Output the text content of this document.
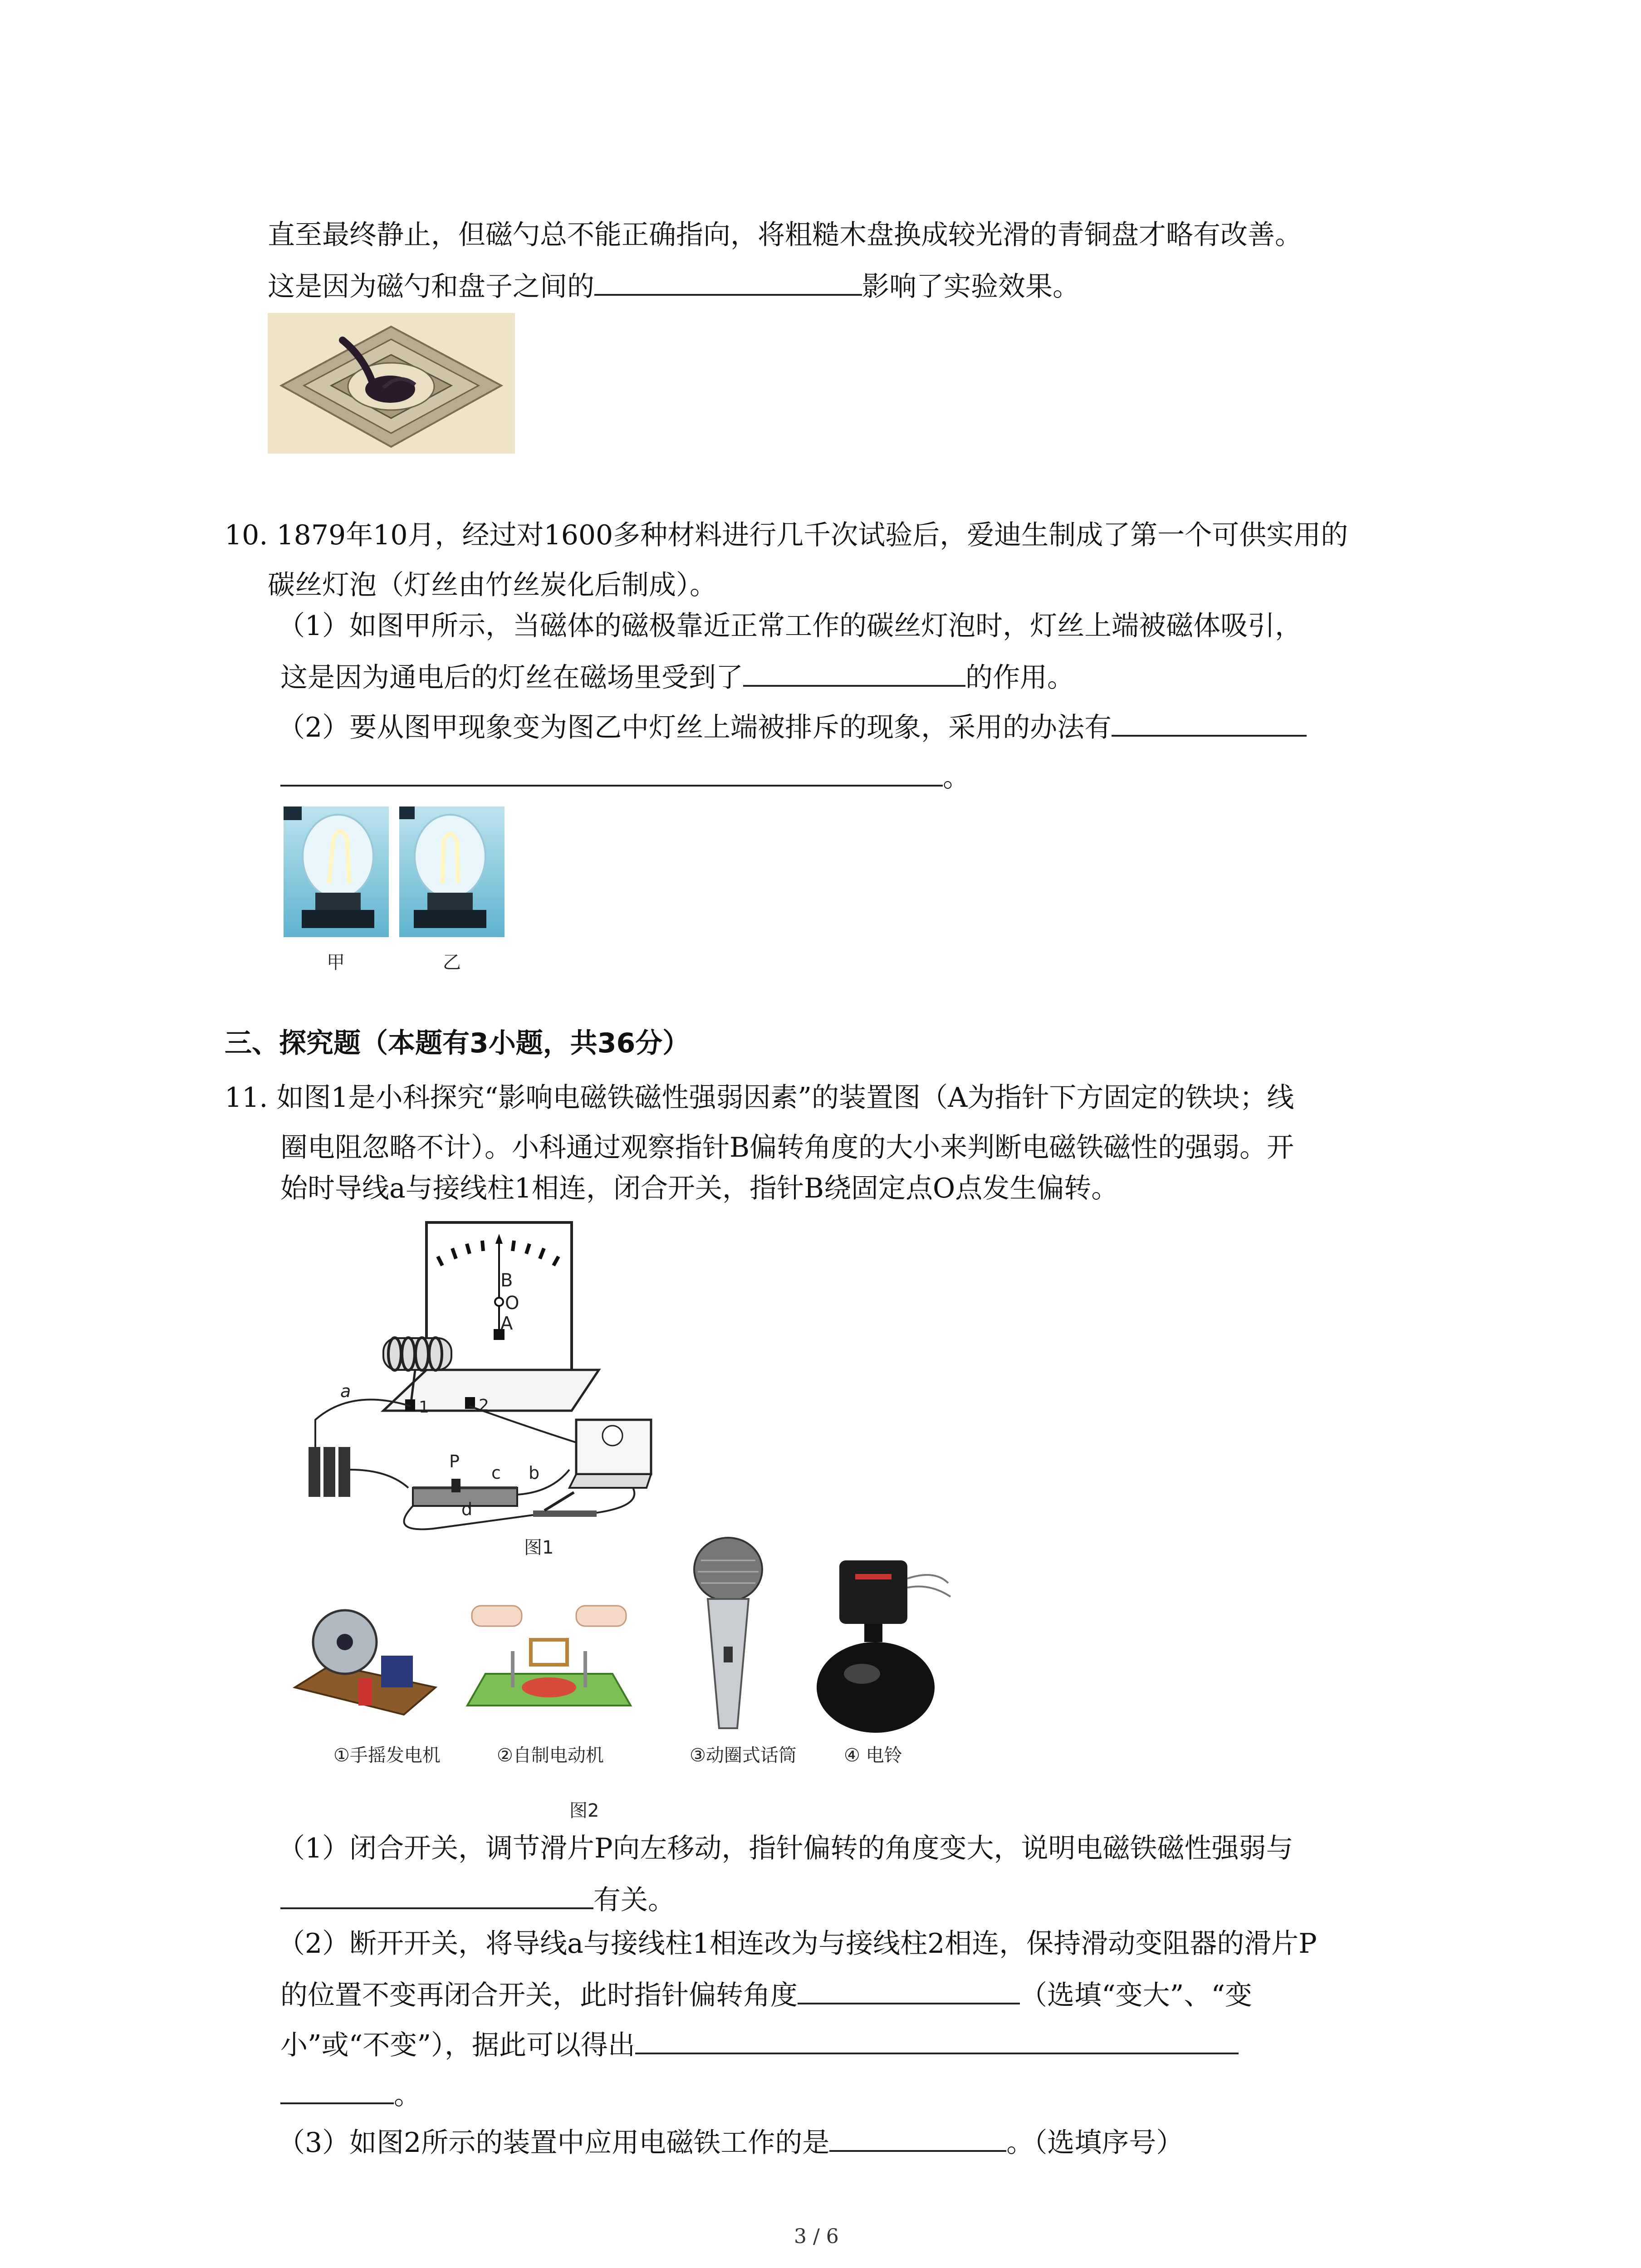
直至最终静止，但磁勺总不能正确指向，将粗糙木盘换成较光滑的青铜盘才略有改善。
这是因为磁勺和盘子之间的	影响了实验效果。
10. 1879年10月，经过对1600多种材料进行几千次试验后，爱迪生制成了第一个可供实用的
碳丝灯泡（灯丝由竹丝炭化后制成）。
（1）如图甲所示，当磁体的磁极靠近正常工作的碳丝灯泡时，灯丝上端被磁体吸引，
这是因为通电后的灯丝在磁场里受到了	的作用。
（2）要从图甲现象变为图乙中灯丝上端被排斥的现象，采用的办法有
。
甲	乙
三、探究题（本题有3小题，共36分）
11. 如图1是小科探究“影响电磁铁磁性强弱因素”的装置图（A为指针下方固定的铁块；线
圈电阻忽略不计）。小科通过观察指针B偏转角度的大小来判断电磁铁磁性的强弱。开
始时导线a与接线柱1相连，闭合开关，指针B绕固定点O点发生偏转。
B
O
A
a
1	2
P
c b
d
图1
①手摇发电机	②自制电动机	③动圈式话筒	④ 电铃
图2
（1）闭合开关，调节滑片P向左移动，指针偏转的角度变大，说明电磁铁磁性强弱与
有关。
（2）断开开关，将导线a与接线柱1相连改为与接线柱2相连，保持滑动变阻器的滑片P
的位置不变再闭合开关，此时指针偏转角度	（选填“变大”、“变
小”或“不变”），据此可以得出
。
（3）如图2所示的装置中应用电磁铁工作的是	。（选填序号）
3 / 6
